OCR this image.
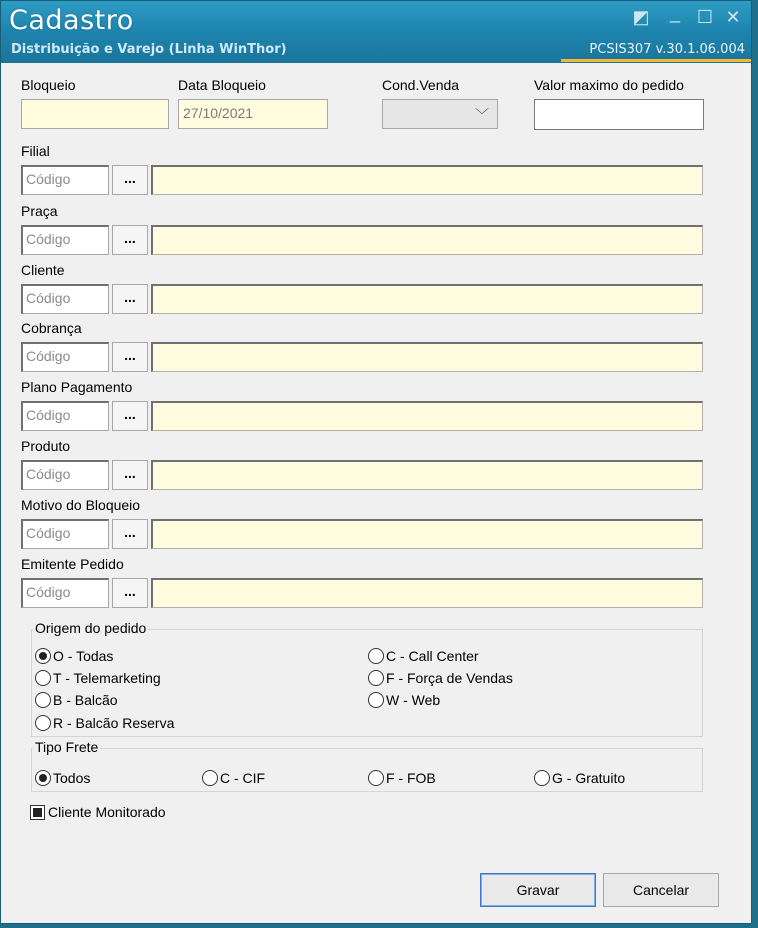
Cadastro
Distribuição e Varejo (Linha WinThor)	PCSIS307 v.30.1.06.004
◩ _ ☐ ✕
Bloqueio	Data Bloqueio
27/10/2021
Cond.Venda
﹀
Valor maximo do pedido
Filial
Código	...
Praça
Código	...
Cliente
Código	...
Cobrança
Código	...
Plano Pagamento
Código	...
Produto
Código	...
Motivo do Bloqueio
Código	...
Emitente Pedido
Código	...
Origem do pedido
O - Todas
T - Telemarketing
B - Balcão
R - Balcão Reserva
C - Call Center
F - Força de Vendas
W - Web
Tipo Frete
Todos	C - CIF	F - FOB	G - Gratuito
Cliente Monitorado
Gravar	Cancelar
